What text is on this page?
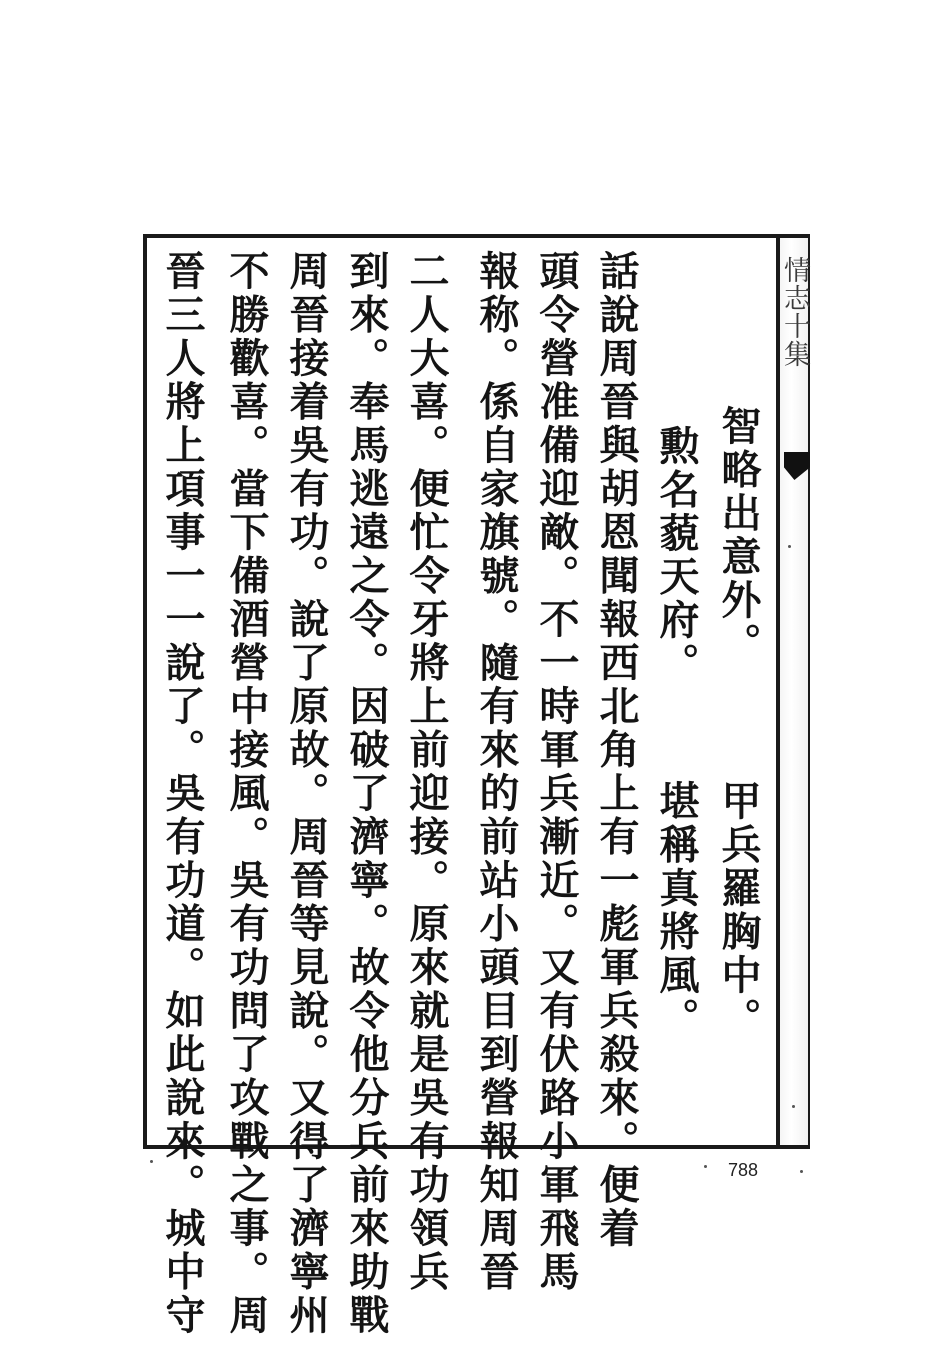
情志十集
智略出意外。
甲兵羅胸中。
勲名藐天府。
堪稱真將風。
話說周晉與胡恩聞報西北角上有一彪軍兵殺來。便着
頭令營准備迎敵。不一時軍兵漸近。又有伏路小軍飛馬
報称。係自家旗號。隨有來的前站小頭目到營報知周晉
二人大喜。便忙令牙將上前迎接。原來就是吳有功領兵
到來。奉馬逃遠之令。因破了濟寧。故令他分兵前來助戰
周晉接着吳有功。說了原故。周晉等見說。又得了濟寧州
不勝歡喜。當下備酒營中接風。吳有功問了攻戰之事。周
晉三人將上項事一一說了。吳有功道。如此說來。城中守	788
